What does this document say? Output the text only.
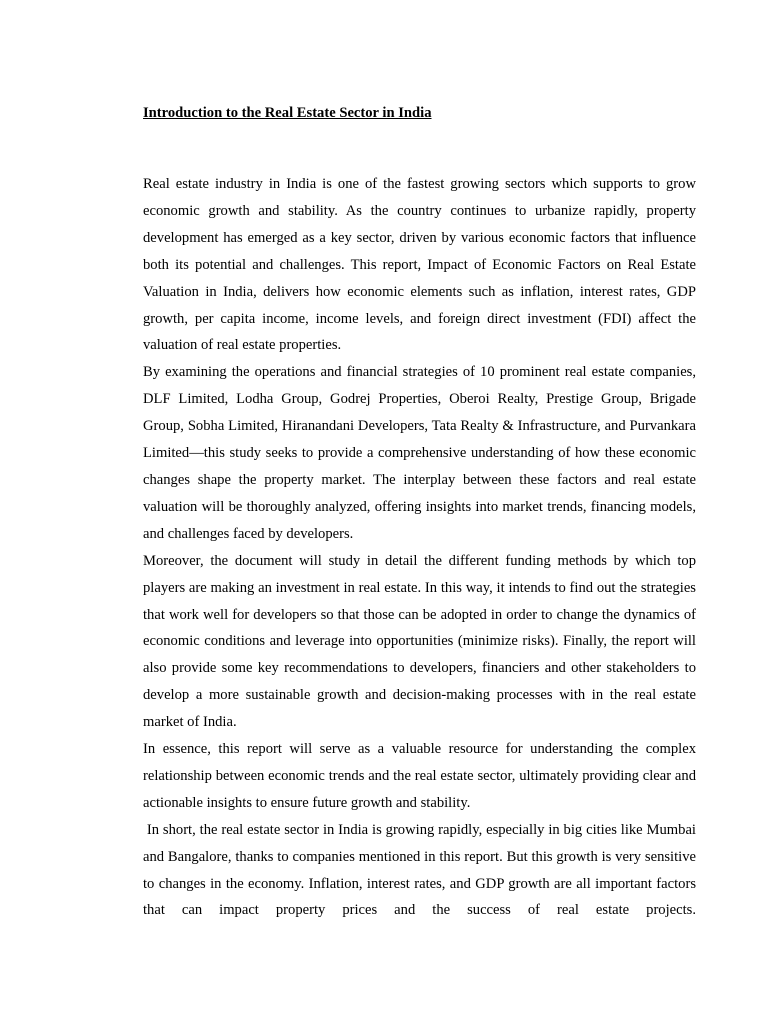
Introduction to the Real Estate Sector in India

Real estate industry in India is one of the fastest growing sectors which supports to grow economic growth and stability. As the country continues to urbanize rapidly, property development has emerged as a key sector, driven by various economic factors that influence both its potential and challenges. This report, Impact of Economic Factors on Real Estate Valuation in India, delivers how economic elements such as inflation, interest rates, GDP growth, per capita income, income levels, and foreign direct investment (FDI) affect the valuation of real estate properties.

By examining the operations and financial strategies of 10 prominent real estate companies, DLF Limited, Lodha Group, Godrej Properties, Oberoi Realty, Prestige Group, Brigade Group, Sobha Limited, Hiranandani Developers, Tata Realty & Infrastructure, and Purvankara Limited—this study seeks to provide a comprehensive understanding of how these economic changes shape the property market. The interplay between these factors and real estate valuation will be thoroughly analyzed, offering insights into market trends, financing models, and challenges faced by developers.

Moreover, the document will study in detail the different funding methods by which top players are making an investment in real estate. In this way, it intends to find out the strategies that work well for developers so that those can be adopted in order to change the dynamics of economic conditions and leverage into opportunities (minimize risks). Finally, the report will also provide some key recommendations to developers, financiers and other stakeholders to develop a more sustainable growth and decision-making processes with in the real estate market of India.

In essence, this report will serve as a valuable resource for understanding the complex relationship between economic trends and the real estate sector, ultimately providing clear and actionable insights to ensure future growth and stability.

In short, the real estate sector in India is growing rapidly, especially in big cities like Mumbai and Bangalore, thanks to companies mentioned in this report. But this growth is very sensitive to changes in the economy. Inflation, interest rates, and GDP growth are all important factors that can impact property prices and the success of real estate projects.
